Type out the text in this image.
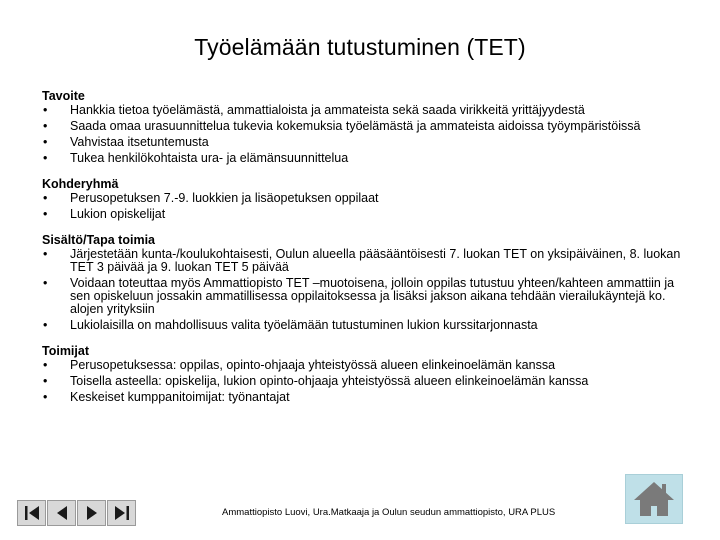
Työelämään tutustuminen (TET)
Tavoite
•	Hankkia tietoa työelämästä, ammattialoista ja ammateista sekä saada virikkeitä yrittäjyydestä
•	Saada omaa urasuunnittelua tukevia kokemuksia työelämästä ja ammateista aidoissa työympäristöissä
•	Vahvistaa itsetuntemusta
•	Tukea henkilökohtaista ura- ja elämänsuunnittelua
Kohderyhmä
•	Perusopetuksen 7.-9. luokkien ja lisäopetuksen oppilaat
•	Lukion opiskelijat
Sisältö/Tapa toimia
•	Järjestetään kunta-/koulukohtaisesti, Oulun alueella pääsääntöisesti 7. luokan TET on yksipäiväinen, 8. luokan TET 3 päivää ja 9. luokan TET 5 päivää
•	Voidaan toteuttaa myös Ammattiopisto TET –muotoisena, jolloin oppilas tutustuu yhteen/kahteen ammattiin ja sen opiskeluun jossakin ammatillisessa oppilaitoksessa ja lisäksi jakson aikana tehdään vierailukäyntejä ko. alojen yrityksiin
•	Lukiolaisilla on mahdollisuus valita työelämään tutustuminen lukion kurssitarjonnasta
Toimijat
•	Perusopetuksessa: oppilas, opinto-ohjaaja yhteistyössä alueen elinkeinoelämän kanssa
•	Toisella asteella: opiskelija, lukion opinto-ohjaaja yhteistyössä alueen elinkeinoelämän kanssa
•	Keskeiset kumppanitoimijat: työnantajat
Ammattiopisto Luovi, Ura.Matkaaja ja Oulun seudun ammattiopisto, URA PLUS
